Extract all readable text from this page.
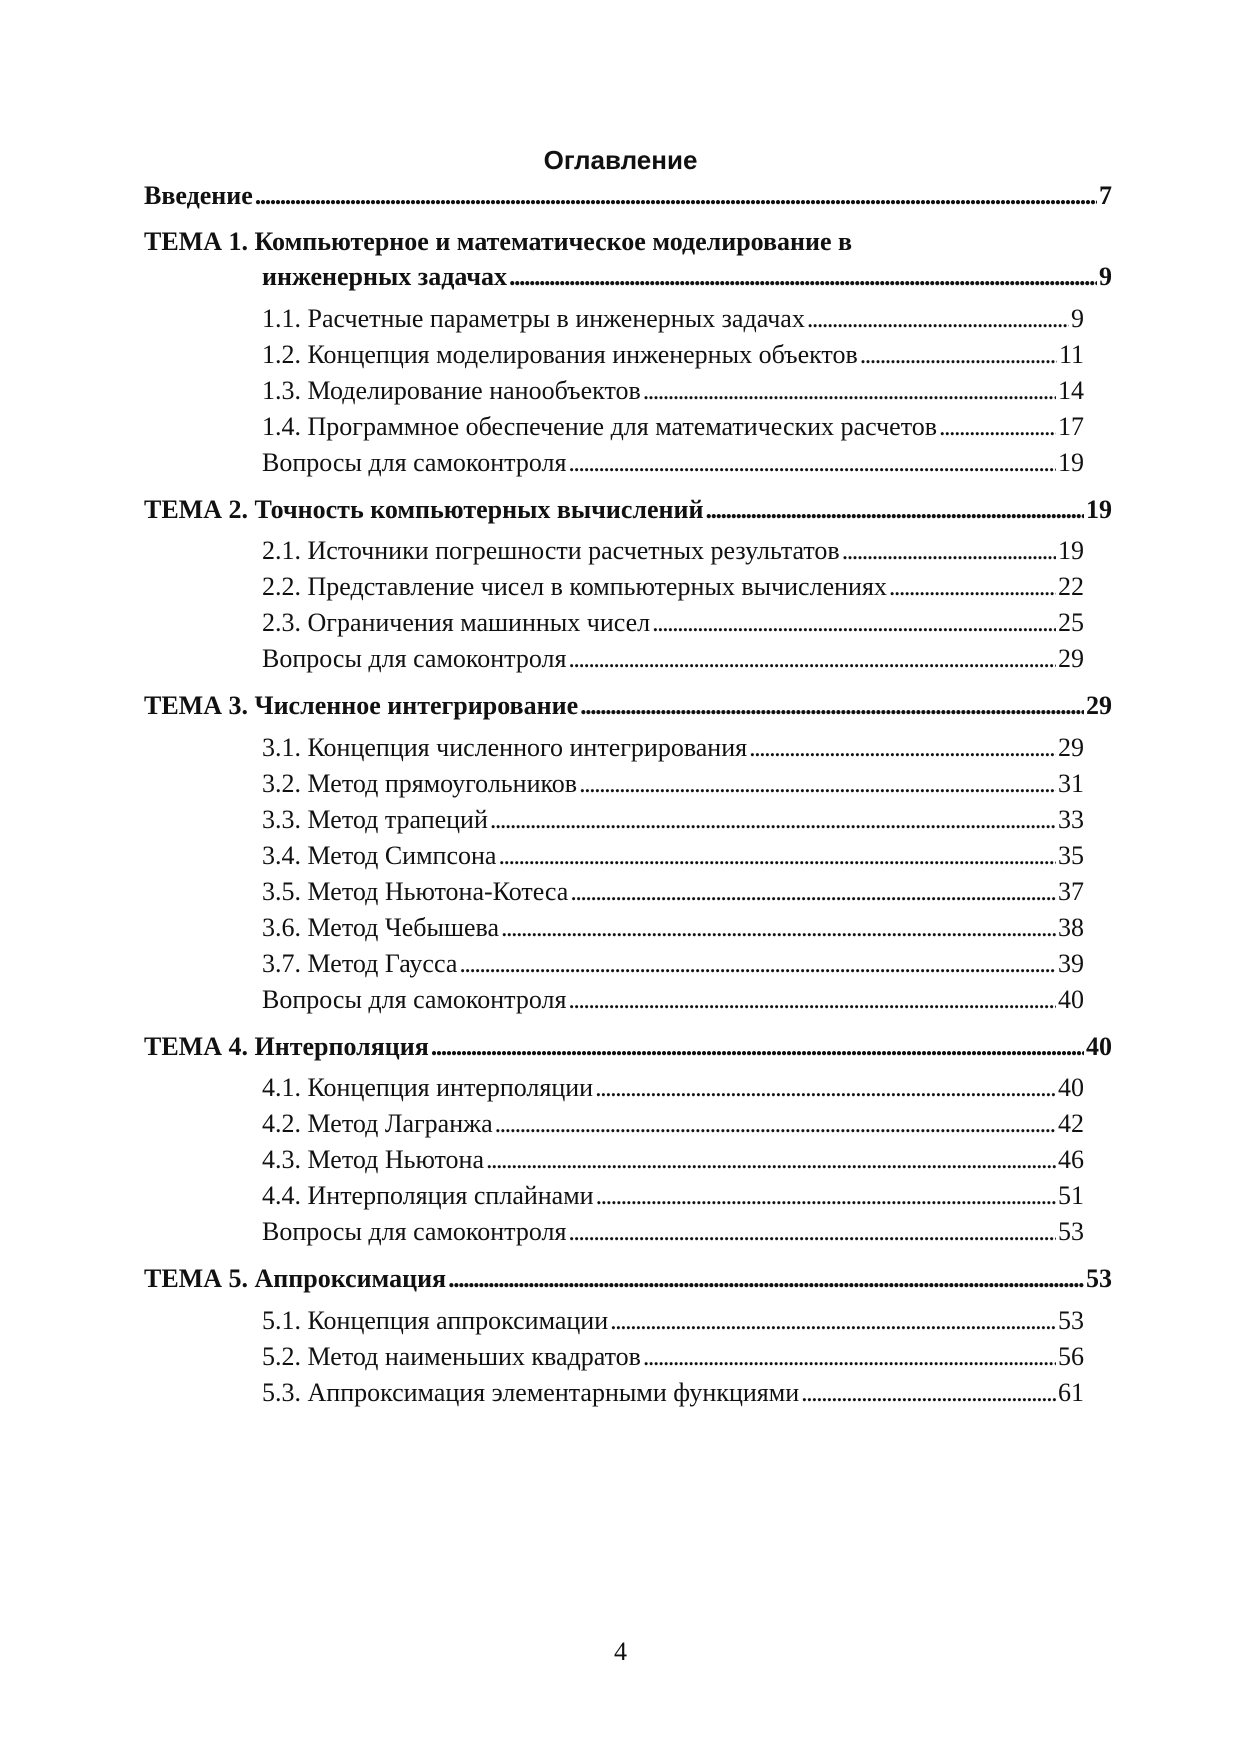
Оглавление
Введение . . .	7
ТЕМА 1. Компьютерное и математическое моделирование в
инженерных задачах . . .	9
1.1. Расчетные параметры в инженерных задачах . . .	9
1.2. Концепция моделирования инженерных объектов . . .	11
1.3. Моделирование нанообъектов . . .	14
1.4. Программное обеспечение для математических расчетов . . .	17
Вопросы для самоконтроля . . .	19
ТЕМА 2. Точность компьютерных вычислений . . .	19
2.1. Источники погрешности расчетных результатов . . .	19
2.2. Представление чисел в компьютерных вычислениях . . .	22
2.3. Ограничения машинных чисел . . .	25
Вопросы для самоконтроля . . .	29
ТЕМА 3. Численное интегрирование . . .	29
3.1. Концепция численного интегрирования . . .	29
3.2. Метод прямоугольников . . .	31
3.3. Метод трапеций . . .	33
3.4. Метод Симпсона . . .	35
3.5. Метод Ньютона-Котеса . . .	37
3.6. Метод Чебышева . . .	38
3.7. Метод Гаусса . . .	39
Вопросы для самоконтроля . . .	40
ТЕМА 4. Интерполяция . . .	40
4.1. Концепция интерполяции . . .	40
4.2. Метод Лагранжа . . .	42
4.3. Метод Ньютона . . .	46
4.4. Интерполяция сплайнами . . .	51
Вопросы для самоконтроля . . .	53
ТЕМА 5. Аппроксимация . . .	53
5.1. Концепция аппроксимации . . .	53
5.2. Метод наименьших квадратов . . .	56
5.3. Аппроксимация элементарными функциями . . .	61
4
